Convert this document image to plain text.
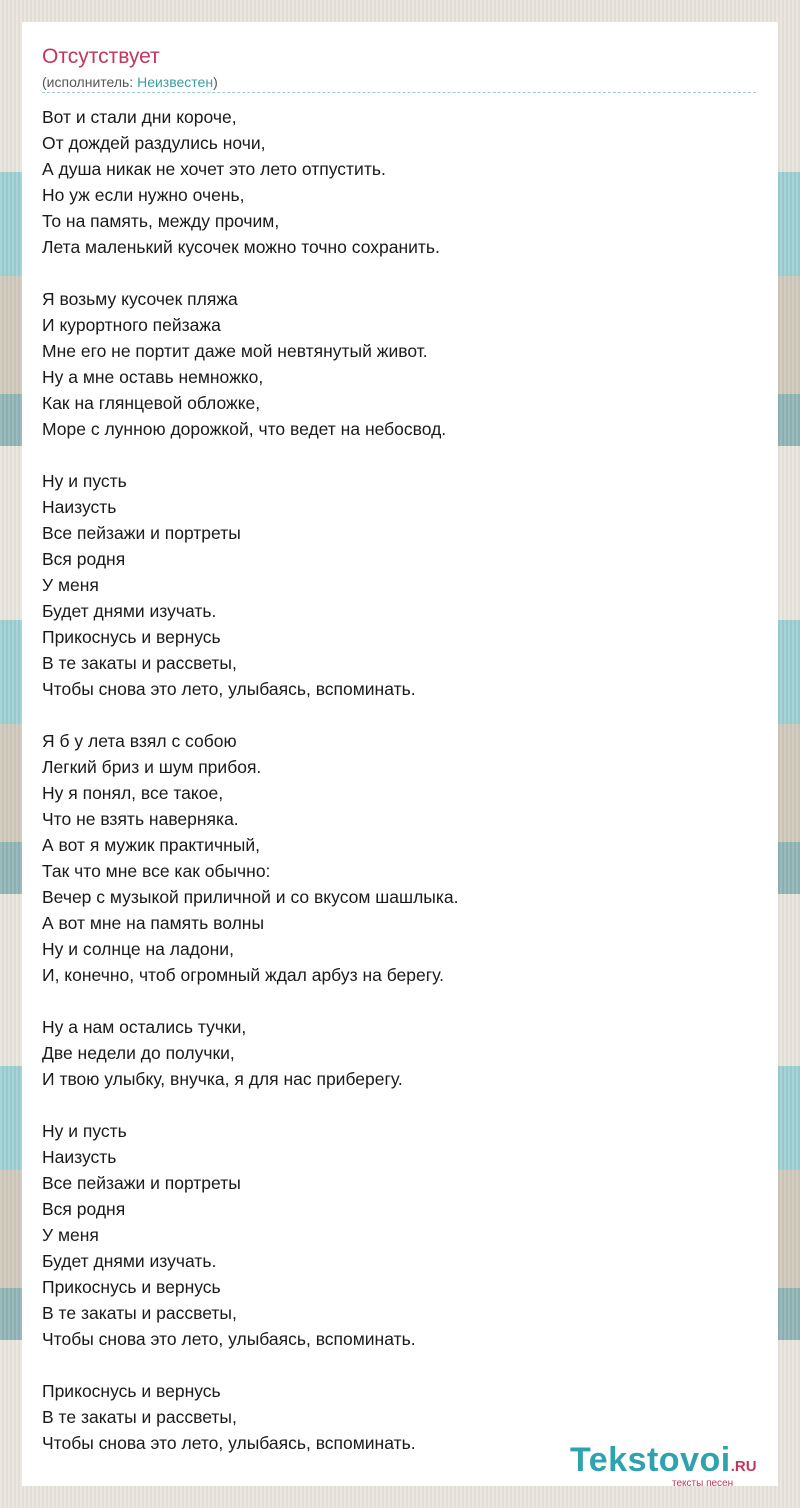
Отсутствует
(исполнитель: Неизвестен)
Вот и стали дни короче,
От дождей раздулись ночи,
А душа никак не хочет это лето отпустить.
Но уж если нужно очень,
То на память, между прочим,
Лета маленький кусочек можно точно сохранить.
Я возьму кусочек пляжа
И курортного пейзажа
Мне его не портит даже мой невтянутый живот.
Ну а мне оставь немножко,
Как на глянцевой обложке,
Море с лунною дорожкой, что ведет на небосвод.
Ну и пусть
Наизусть
Все пейзажи и портреты
Вся родня
У меня
Будет днями изучать.
Прикоснусь и вернусь
В те закаты и рассветы,
Чтобы снова это лето, улыбаясь, вспоминать.
Я б у лета взял с собою
Легкий бриз и шум прибоя.
Ну я понял, все такое,
Что не взять наверняка.
А вот я мужик практичный,
Так что мне все как обычно:
Вечер с музыкой приличной и со вкусом шашлыка.
А вот мне на память волны
Ну и солнце на ладони,
И, конечно, чтоб огромный ждал арбуз на берегу.
Ну а нам остались тучки,
Две недели до получки,
И твою улыбку, внучка, я для нас приберегу.
Ну и пусть
Наизусть
Все пейзажи и портреты
Вся родня
У меня
Будет днями изучать.
Прикоснусь и вернусь
В те закаты и рассветы,
Чтобы снова это лето, улыбаясь, вспоминать.
Прикоснусь и вернусь
В те закаты и рассветы,
Чтобы снова это лето, улыбаясь, вспоминать.	Tekstovoi.RU
тексты песен
